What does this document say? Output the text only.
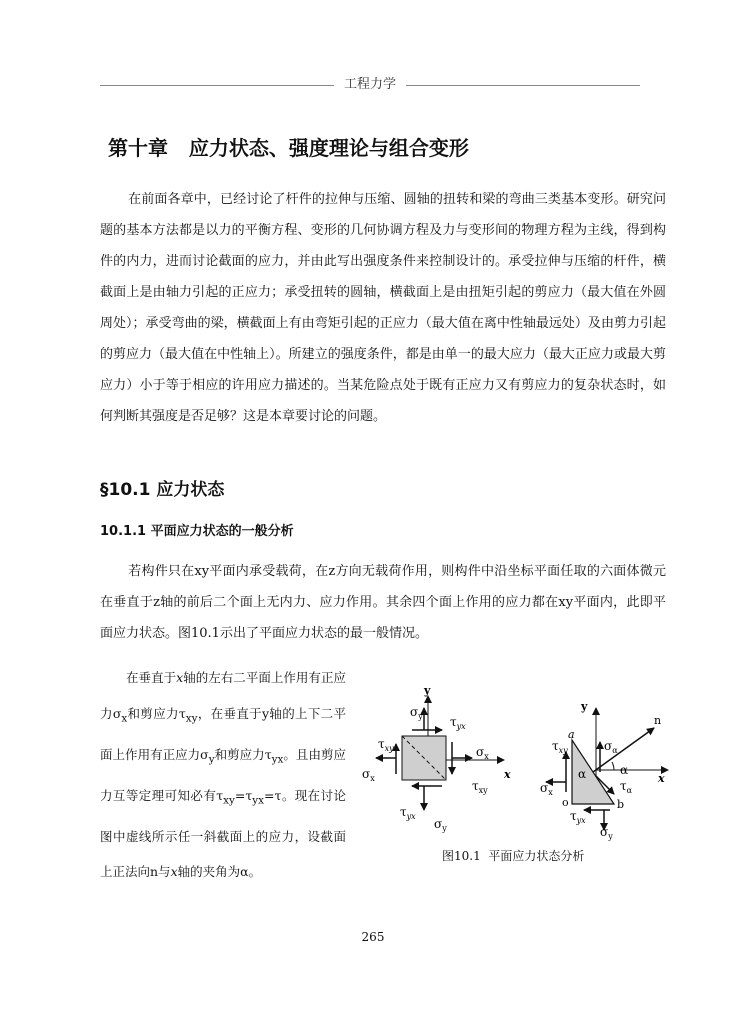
工程力学
第十章   应力状态、强度理论与组合变形

在前面各章中，已经讨论了杆件的拉伸与压缩、圆轴的扭转和梁的弯曲三类基本变形。研究问题的基本方法都是以力的平衡方程、变形的几何协调方程及力与变形间的物理方程为主线，得到构件的内力，进而讨论截面的应力，并由此写出强度条件来控制设计的。承受拉伸与压缩的杆件，横截面上是由轴力引起的正应力；承受扭转的圆轴，横截面上是由扭矩引起的剪应力（最大值在外圆周处）；承受弯曲的梁，横截面上有由弯矩引起的正应力（最大值在离中性轴最远处）及由剪力引起的剪应力（最大值在中性轴上）。所建立的强度条件，都是由单一的最大应力（最大正应力或最大剪应力）小于等于相应的许用应力描述的。当某危险点处于既有正应力又有剪应力的复杂状态时，如何判断其强度是否足够？这是本章要讨论的问题。

§10.1 应力状态
10.1.1 平面应力状态的一般分析

若构件只在xy平面内承受载荷，在z方向无载荷作用，则构件中沿坐标平面任取的六面体微元在垂直于z轴的前后二个面上无内力、应力作用。其余四个面上作用的应力都在xy平面内，此即平面应力状态。图10.1示出了平面应力状态的最一般情况。

在垂直于x轴的左右二平面上作用有正应力$\sigma_x$和剪应力$\tau_{xy}$，在垂直于y轴的上下二平面上作用有正应力$\sigma_y$和剪应力$\tau_{yx}$。且由剪应力互等定理可知必有$\tau_{xy}=\tau_{yx}=\tau$。现在讨论图中虚线所示任一斜截面上的应力，设截面上正法向n与x轴的夹角为α。

y
x
$\sigma_y$ $\tau_{yx}$
$\tau_{xy}$	$\sigma_x$
$\sigma_x$
$\tau_{xy}$
$\tau_{yx}$
$\sigma_y$
y
x
a
o	b
n
α	α
$\sigma_\alpha$
$\tau_\alpha$
$\tau_{xy}$
$\sigma_x$
$\tau_{yx}$
$\sigma_y$
图10.1  平面应力状态分析
265
